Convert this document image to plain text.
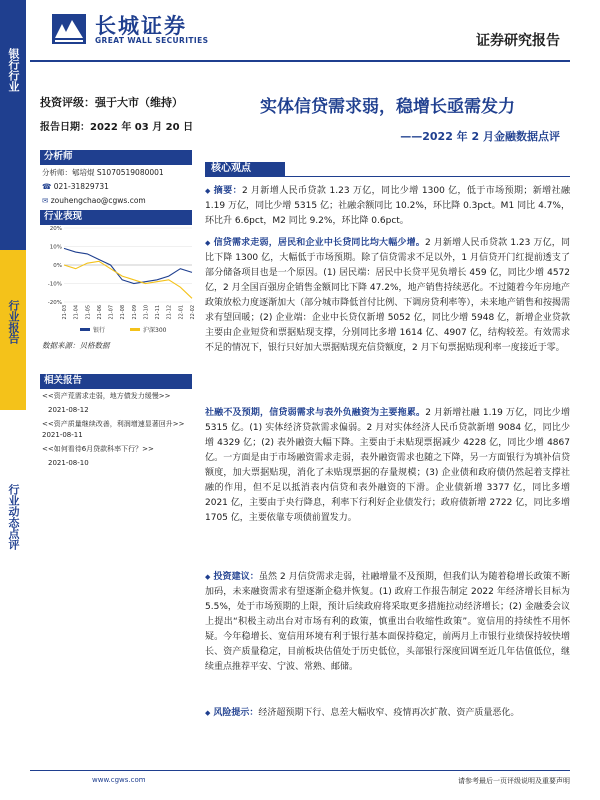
银行行业
行业报告
行业动态点评
长城证券
GREAT WALL SECURITIES	证券研究报告
投资评级：强于大市（维持）
报告日期：2022 年 03 月 20 日
分析师
分析师：郇培焜 S1070519080001
☎ 021-31829731
✉ zouhengchao@cgws.com
行业表现
20%
10%
0%
-10%
-20%
21-03 21-04 21-05 21-06 21-07 21-08 21-09 21-10 21-11 21-12 22-01 22-02
银行	沪深300
数据来源：贝格数据
相关报告
<<资产荒需求走弱，地方债发力缓慢>>
2021-08-12
<<资产质量继续改善，利润增速显著回升>> 2021-08-11
<<如何看待6月贷款科率下行？>>
2021-08-10
实体信贷需求弱，稳增长亟需发力
——2022 年 2 月金融数据点评
核心观点
◆ 摘要：2 月新增人民币贷款 1.23 万亿，同比少增 1300 亿，低于市场预期；新增社融 1.19 万亿，同比少增 5315 亿；社融余额同比 10.2%，环比降 0.3pct。M1 同比 4.7%，环比升 6.6pct，M2 同比 9.2%，环比降 0.6pct。
◆ 信贷需求走弱，居民和企业中长贷同比均大幅少增。2 月新增人民币贷款 1.23 万亿，同比下降 1300 亿，大幅低于市场预期。除了信贷需求不足以外，1 月信贷开门红提前透支了部分储备项目也是一个原因。(1) 居民端：居民中长贷平见负增长 459 亿，同比少增 4572 亿，2 月全国百强房企销售金额同比下降 47.2%，地产销售持续恶化。不过随着今年房地产政策放松力度逐渐加大（部分城市降低首付比例、下调房贷利率等），未来地产销售和按揭需求有望回暖；(2) 企业端：企业中长贷仅新增 5052 亿，同比少增 5948 亿，新增企业贷款主要由企业短贷和票据贴现支撑，分别同比多增 1614 亿、4907 亿，结构较差。有效需求不足的情况下，银行只好加大票据贴现充信贷额度，2 月下旬票据贴现利率一度接近于零。
社融不及预期，信贷弱需求与表外负融资为主要拖累。2 月新增社融 1.19 万亿，同比少增 5315 亿。(1) 实体经济贷款需求偏弱。2 月对实体经济人民币贷款新增 9084 亿，同比少增 4329 亿；(2) 表外融资大幅下降。主要由于未贴现票据减少 4228 亿，同比少增 4867 亿。一方面是由于市场融资需求走弱，表外融资需求也随之下降，另一方面银行为填补信贷额度，加大票据贴现，消化了未贴现票据的存量规模；(3) 企业债和政府债仍然起着支撑社融的作用，但不足以抵消表内信贷和表外融资的下滑。企业债新增 3377 亿，同比多增 2021 亿，主要由于央行降息，利率下行利好企业债发行；政府债新增 2722 亿，同比多增 1705 亿，主要依靠专项债前置发力。
◆ 投资建议：虽然 2 月信贷需求走弱，社融增量不及预期，但我们认为随着稳增长政策不断加码，未来融资需求有望逐渐企稳并恢复。(1) 政府工作报告制定 2022 年经济增长目标为 5.5%，处于市场预期的上限，预计后续政府将采取更多措施拉动经济增长；(2) 金融委会议上提出“积极主动出台对市场有利的政策，慎重出台收缩性政策”。宽信用的持续性不用怀疑。今年稳增长、宽信用环境有利于银行基本面保持稳定，前两月上市银行业绩保持较快增长、资产质量稳定，目前板块估值处于历史低位，头部银行深度回调至近几年估值低位，继续重点推荐平安、宁波、常熟、邮储。
◆ 风险提示：经济超预期下行、息差大幅收窄、疫情再次扩散、资产质量恶化。
www.cgws.com	请参考最后一页评级说明及重要声明
